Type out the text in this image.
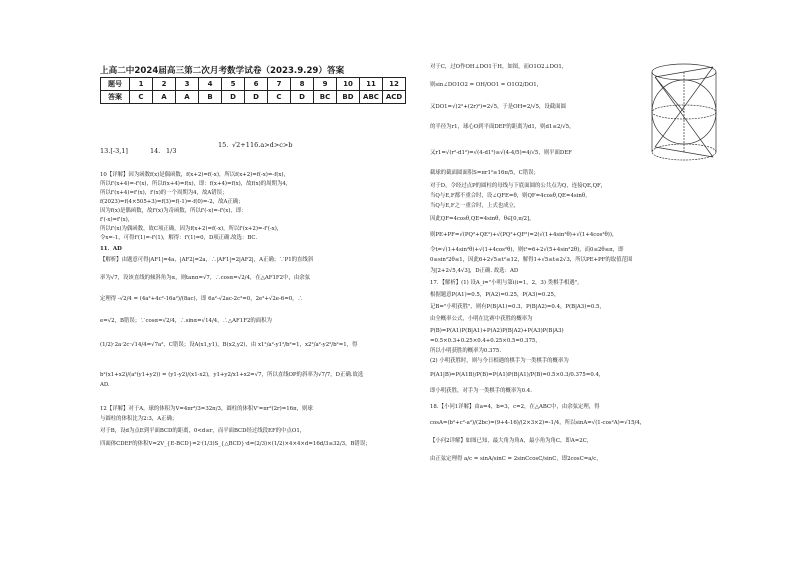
上高二中2024届高三第二次月考数学试卷（2023.9.29）答案
题号	1	2	3	4	5	6	7	8	9	10	11	12
答案	C	A	A	B	D	D	C	D	BC	BD	ABC	ACD
13.[-3,1]	14. 1/3
15. √2+1 16.a>d>c>b
10【详解】因为函数f(x)是偶函数，f(x+2)=f(-x)，所以f(x+2)=f(-x)=-f(x)，
所以f'(x+4)=-f'(x)，所以f(x+4)=f(x)，即：f(x+4)=f(x)，故f(x)的周期为4，
所以f'(x+4)=f'(x)，f'(x)的一个周期为4，故A错误；
f(2023)=f(4×505+3)=f(3)=f(-1)=-f(0)=-2，故A正确；
因为f(x)是偶函数，故f'(x)为奇函数，所以f'(-x)=-f'(x)，即：
f'(-x)=f'(x)，
所以f'(x)为偶函数，故C项正确，因为f(x+2)=f(-x)，所以f'(x+2)=-f'(-x)，
令x=-1，可得f'(1)=-f'(1)，解得：f'(1)=0，D项正确.故选：BC.
11．AD
【解析】由题意可得|AF1|=4a，|AF2|=2a，∴|AF1|=2|AF2|，A正确；∵P1的直线斜
率为√7，设该直线的倾斜角为α，则tanα=√7，∴cosα=√2/4，在△AF1F2中，由余弦
定理得 -√2/4 = (4a²+4c²-16a²)/(8ac)，即 6a²-√2ac-2c²=0，2e²+√2e-6=0，∴
e=√2，B错误；∵cosα=√2/4，∴sinα=√14/4，∴△AF1F2的面积为
(1/2)·2a·2c·√14/4=√7a²，C错误；设A(x1,y1)，B(x2,y2)，由 x1²/a²-y1²/b²=1，x2²/a²-y2²/b²=1，得
b²(x1+x2)/(a²(y1+y2)) = (y1-y2)/(x1-x2)，y1+y2/x1+x2=√7，所以直线OP的斜率为√7/7，D正确.故选
AD.
12【详解】对于A，球的体积为V=4πr³/3=32π/3，圆柱的体积V'=πr²(2r)=16π，则球
与圆柱的体积比为2:3，A正确；
对于B，设d为点E到平面BCD的距离，0<d≤r，而平面BCD经过线段EF的中点O1，
四面体CDEF的体积V=2V_{E-BCD}=2·(1/3)S_{△BCD}·d=(2/3)×(1/2)×4×4×d=16d/3≤32/3，B错误；
对于C，过O作OH⊥DO1于H，如图，而O1O2⊥DO1，
则sin∠DO1O2 = OH/OO1 = O1O2/DO1，
又DO1=√(2²+(2r)²)=2√5，于是OH=2/√5，设截面圆
的半径为r1，球心O到平面DEF的距离为d1，则d1≤2/√5，
又r1=√(r²-d1²)=√(4-d1²)≥√(4-4/5)=4/√5，则平面DEF
截球的截面圆面积S=πr1²≥16π/5，C错误；
对于D，令经过点P的圆柱的母线与下底面圆的公共点为Q，连接QE,QF，
当Q与E,F都不重合时，设∠QFE=θ，则QF=4cosθ,QE=4sinθ，
当Q与E,F之一重合时，上式也成立，
因此QF=4cosθ,QE=4sinθ，θ∈[0,π/2]，
则PE+PF=√(PQ²+QE²)+√(PQ²+QF²)=2(√(1+4sin²θ)+√(1+4cos²θ))，
令t=√(1+4sin²θ)+√(1+4cos²θ)，则t²=6+2√(5+4sin²2θ)，而0≤2θ≤π，即
0≤sin²2θ≤1，因此6+2√5≤t²≤12，解得1+√5≤t≤2√3，所以PE+PF的取值范围
为[2+2√5,4√3]，D正确. 故选：AD
17．【解析】(1) 设A_i="小明与第i(i=1，2，3) 类棋手相遇"，
根据题意P(A1)=0.5，P(A2)=0.25，P(A3)=0.25，
记B="小明获胜"，则有P(B|A1)=0.3，P(B|A2)=0.4，P(B|A3)=0.5，
由全概率公式，小明在比赛中获胜的概率为
P(B)=P(A1)P(B|A1)+P(A2)P(B|A2)+P(A3)P(B|A3)
=0.5×0.3+0.25×0.4+0.25×0.5=0.375，
所以小明获胜的概率为0.375.
(2) 小明获胜时，则与今日相遇的棋手为一类棋手的概率为
P(A1|B)=P(A1B)/P(B)=P(A1)P(B|A1)/P(B)=0.5×0.3/0.375=0.4，
即小明获胜，对手为一类棋手的概率为0.4.
18.【小问1详解】由a=4，b=3，c=2，在△ABC中，由余弦定理，得
cosA=(b²+c²-a²)/(2bc)=(9+4-16)/(2×3×2)=-1/4，所以sinA=√(1-cos²A)=√15/4，
【小问2详解】如图已知，最大角为角A，最小角为角C，即A=2C，
由正弦定理得 a/c = sinA/sinC = 2sinCcosC/sinC，即2cosC=a/c，
